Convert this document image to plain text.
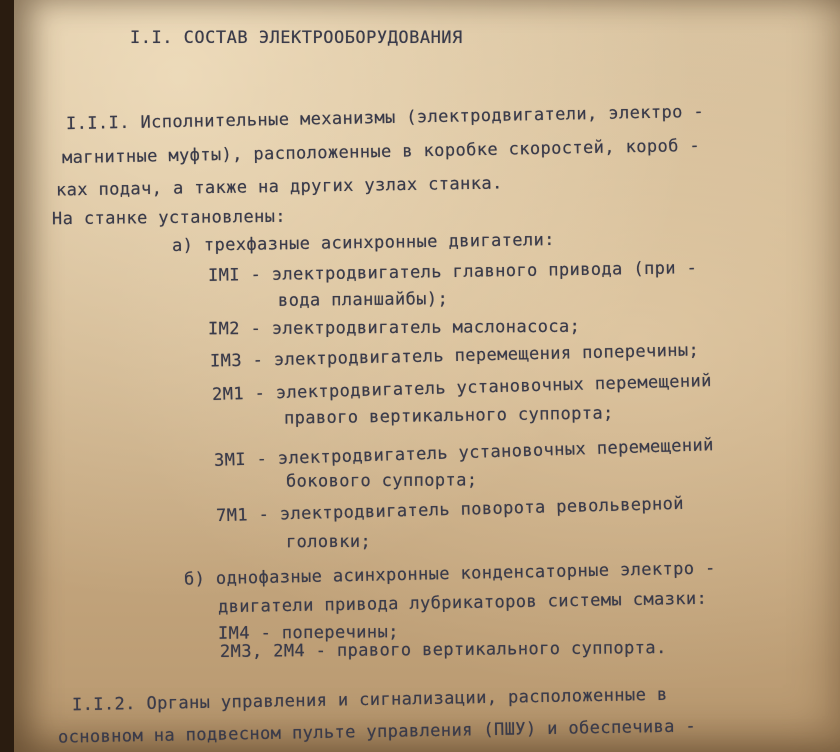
I.I. СОСТАВ ЭЛЕКТРООБОРУДОВАНИЯ

I.I.I. Исполнительные механизмы (электродвигатели, электро -

магнитные муфты), расположенные в коробке скоростей, короб -

ках подач, а также на других узлах станка.

На станке установлены:

а) трехфазные асинхронные двигатели:

IMI - электродвигатель главного привода (при -

вода планшайбы);

IM2 - электродвигатель маслонасоса;

IM3 - электродвигатель перемещения поперечины;

2M1 - электродвигатель установочных перемещений

правого вертикального суппорта;

3MI - электродвигатель установочных перемещений

бокового суппорта;

7M1 - электродвигатель поворота револьверной

головки;

б) однофазные асинхронные конденсаторные электро -

двигатели привода лубрикаторов системы смазки:

IM4 - поперечины;

2M3, 2M4 - правого вертикального суппорта.

I.I.2. Органы управления и сигнализации, расположенные в

основном на подвесном пульте управления (ПШУ) и обеспечива -
